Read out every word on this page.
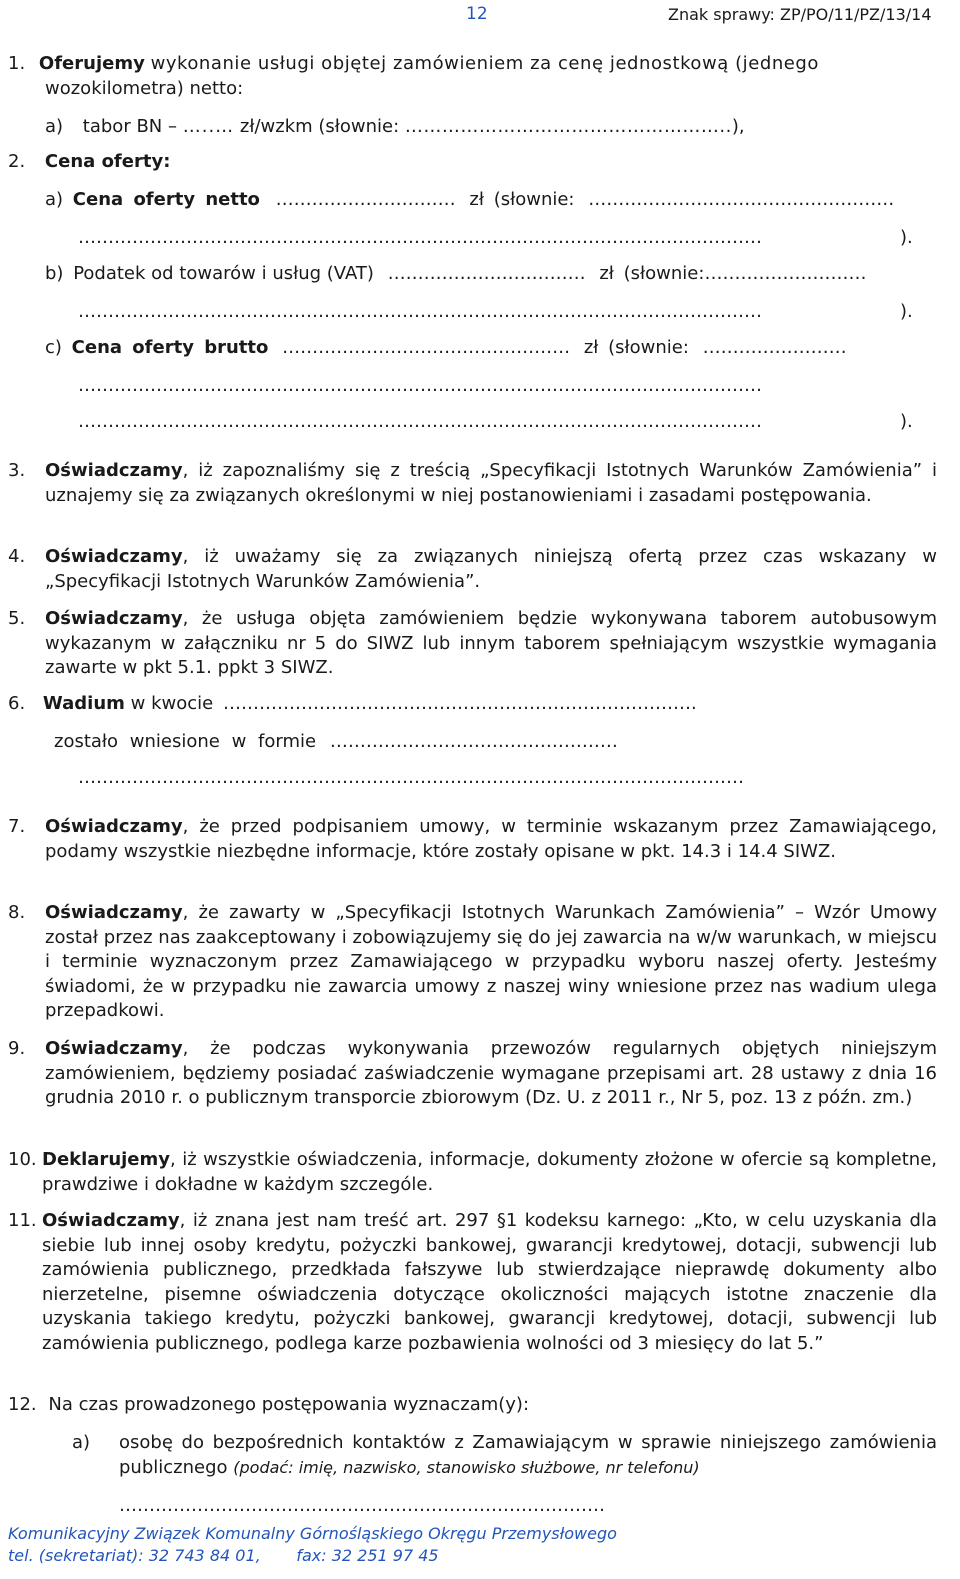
12	Znak sprawy: ZP/PO/11/PZ/13/14
1. Oferujemy wykonanie usługi objętej zamówieniem za cenę jednostkową (jednego
wozokilometra) netto:
a) tabor BN – …..… zł/wzkm (słownie: ……………………………………………..),
2. Cena oferty:
a) Cena oferty netto ………………………… zł (słownie: ……………………………………………
……………………………………………………………………………………………………	).
b) Podatek od towarów i usług (VAT) …………………………… zł (słownie:………………………
……………………………………………………………………………………………………	).
c) Cena oferty brutto ………………………………………… zł (słownie: ……………………
……………………………………………………………………………………………………
……………………………………………………………………………………………………	).
3. Oświadczamy, iż zapoznaliśmy się z treścią „Specyfikacji Istotnych Warunków Zamówienia” i uznajemy się za związanych określonymi w niej postanowieniami i zasadami postępowania.
4. Oświadczamy, iż uważamy się za związanych niniejszą ofertą przez czas wskazany w „Specyfikacji Istotnych Warunków Zamówienia”.
5. Oświadczamy, że usługa objęta zamówieniem będzie wykonywana taborem autobusowym wykazanym w załączniku nr 5 do SIWZ lub innym taborem spełniającym wszystkie wymagania zawarte w pkt 5.1. ppkt 3 SIWZ.
6. Wadium w kwocie …………………………………………………………………….
zostało wniesione w formie …………………………………………
…………………………………………………………………………………………………
7. Oświadczamy, że przed podpisaniem umowy, w terminie wskazanym przez Zamawiającego, podamy wszystkie niezbędne informacje, które zostały opisane w pkt. 14.3 i 14.4 SIWZ.
8. Oświadczamy, że zawarty w „Specyfikacji Istotnych Warunkach Zamówienia” – Wzór Umowy został przez nas zaakceptowany i zobowiązujemy się do jej zawarcia na w/w warunkach, w miejscu i terminie wyznaczonym przez Zamawiającego w przypadku wyboru naszej oferty. Jesteśmy świadomi, że w przypadku nie zawarcia umowy z naszej winy wniesione przez nas wadium ulega przepadkowi.
9. Oświadczamy, że podczas wykonywania przewozów regularnych objętych niniejszym zamówieniem, będziemy posiadać zaświadczenie wymagane przepisami art. 28 ustawy z dnia 16 grudnia 2010 r. o publicznym transporcie zbiorowym (Dz. U. z 2011 r., Nr 5, poz. 13 z późn. zm.)
10. Deklarujemy, iż wszystkie oświadczenia, informacje, dokumenty złożone w ofercie są kompletne, prawdziwe i dokładne w każdym szczególe.
11. Oświadczamy, iż znana jest nam treść art. 297 §1 kodeksu karnego: „Kto, w celu uzyskania dla siebie lub innej osoby kredytu, pożyczki bankowej, gwarancji kredytowej, dotacji, subwencji lub zamówienia publicznego, przedkłada fałszywe lub stwierdzające nieprawdę dokumenty albo nierzetelne, pisemne oświadczenia dotyczące okoliczności mających istotne znaczenie dla uzyskania takiego kredytu, pożyczki bankowej, gwarancji kredytowej, dotacji, subwencji lub zamówienia publicznego, podlega karze pozbawienia wolności od 3 miesięcy do lat 5.”
12. Na czas prowadzonego postępowania wyznaczam(y):
a) osobę do bezpośrednich kontaktów z Zamawiającym w sprawie niniejszego zamówienia publicznego (podać: imię, nazwisko, stanowisko służbowe, nr telefonu)
………………………………………………………………………
Komunikacyjny Związek Komunalny Górnośląskiego Okręgu Przemysłowego
tel. (sekretariat): 32 743 84 01,       fax: 32 251 97 45
